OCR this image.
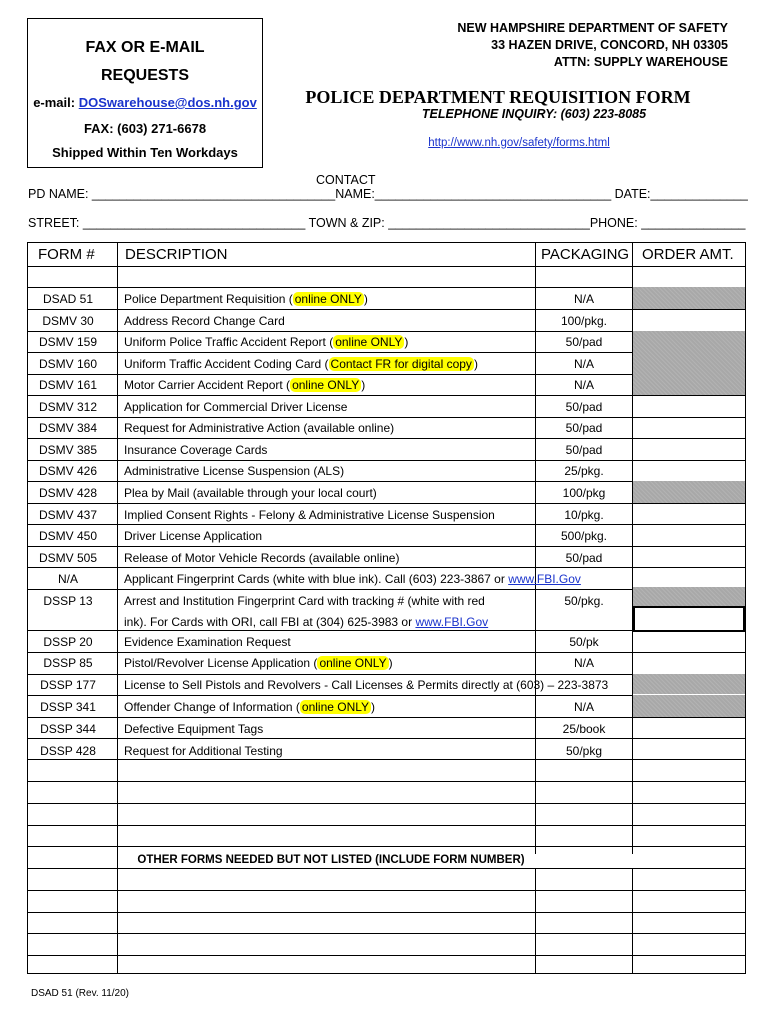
FAX OR E-MAIL
REQUESTS
e-mail: DOSwarehouse@dos.nh.gov
FAX: (603) 271-6678
Shipped Within Ten Workdays
NEW HAMPSHIRE DEPARTMENT OF SAFETY
33 HAZEN DRIVE, CONCORD, NH 03305
ATTN: SUPPLY WAREHOUSE
POLICE DEPARTMENT REQUISITION FORM
TELEPHONE INQUIRY: (603) 223-8085
http://www.nh.gov/safety/forms.html
CONTACT
PD NAME: ___________________________________NAME:__________________________________ DATE:______________
STREET: ________________________________ TOWN & ZIP: _____________________________PHONE: _______________
FORM # DESCRIPTION	PACKAGING ORDER AMT.
DSAD 51	Police Department Requisition ( online ONLY )	N/A
DSMV 30	Address Record Change Card	100/pkg.
DSMV 159	Uniform Police Traffic Accident Report ( online ONLY )	50/pad
DSMV 160	Uniform Traffic Accident Coding Card ( Contact FR for digital copy )	N/A
DSMV 161	Motor Carrier Accident Report ( online ONLY )	N/A
DSMV 312	Application for Commercial Driver License	50/pad
DSMV 384	Request for Administrative Action (available online)	50/pad
DSMV 385	Insurance Coverage Cards	50/pad
DSMV 426	Administrative License Suspension (ALS)	25/pkg.
DSMV 428	Plea by Mail (available through your local court)	100/pkg
DSMV 437	Implied Consent Rights - Felony & Administrative License Suspension	10/pkg.
DSMV 450	Driver License Application	500/pkg.
DSMV 505	Release of Motor Vehicle Records (available online)	50/pad
N/A	Applicant Fingerprint Cards (white with blue ink). Call (603) 223-3867 or www.FBI.Gov
DSSP 13	Arrest and Institution Fingerprint Card with tracking # (white with red	50/pkg.
ink). For Cards with ORI, call FBI at (304) 625-3983 or www.FBI.Gov
DSSP 20	Evidence Examination Request	50/pk
DSSP 85	Pistol/Revolver License Application ( online ONLY )	N/A
DSSP 177	License to Sell Pistols and Revolvers - Call Licenses & Permits directly at (603) – 223-3873
DSSP 341	Offender Change of Information ( online ONLY )	N/A
DSSP 344	Defective Equipment Tags	25/book
DSSP 428	Request for Additional Testing	50/pkg
OTHER FORMS NEEDED BUT NOT LISTED (INCLUDE FORM NUMBER)
DSAD 51 (Rev. 11/20)
